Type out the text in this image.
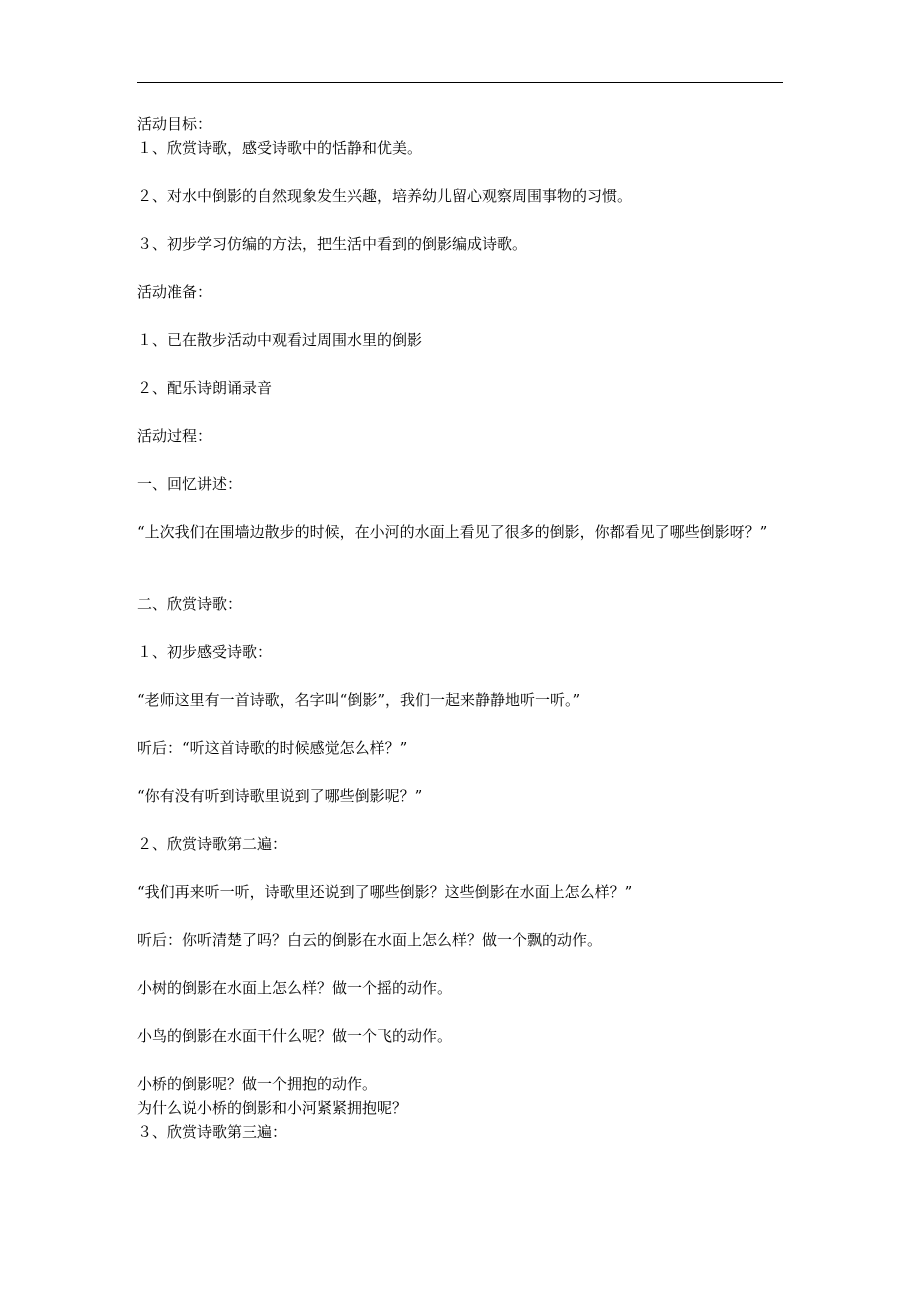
活动目标：
１、欣赏诗歌，感受诗歌中的恬静和优美。
２、对水中倒影的自然现象发生兴趣，培养幼儿留心观察周围事物的习惯。
３、初步学习仿编的方法，把生活中看到的倒影编成诗歌。
活动准备：
１、已在散步活动中观看过周围水里的倒影
２、配乐诗朗诵录音
活动过程：
一、回忆讲述：
“上次我们在围墙边散步的时候，在小河的水面上看见了很多的倒影，你都看见了哪些倒影呀？”
二、欣赏诗歌：
１、初步感受诗歌：
“老师这里有一首诗歌，名字叫“倒影”，我们一起来静静地听一听。”
听后：“听这首诗歌的时候感觉怎么样？”
“你有没有听到诗歌里说到了哪些倒影呢？”
２、欣赏诗歌第二遍：
“我们再来听一听，诗歌里还说到了哪些倒影？这些倒影在水面上怎么样？”
听后：你听清楚了吗？白云的倒影在水面上怎么样？做一个飘的动作。
小树的倒影在水面上怎么样？做一个摇的动作。
小鸟的倒影在水面干什么呢？做一个飞的动作。
小桥的倒影呢？做一个拥抱的动作。
为什么说小桥的倒影和小河紧紧拥抱呢？
３、欣赏诗歌第三遍：
